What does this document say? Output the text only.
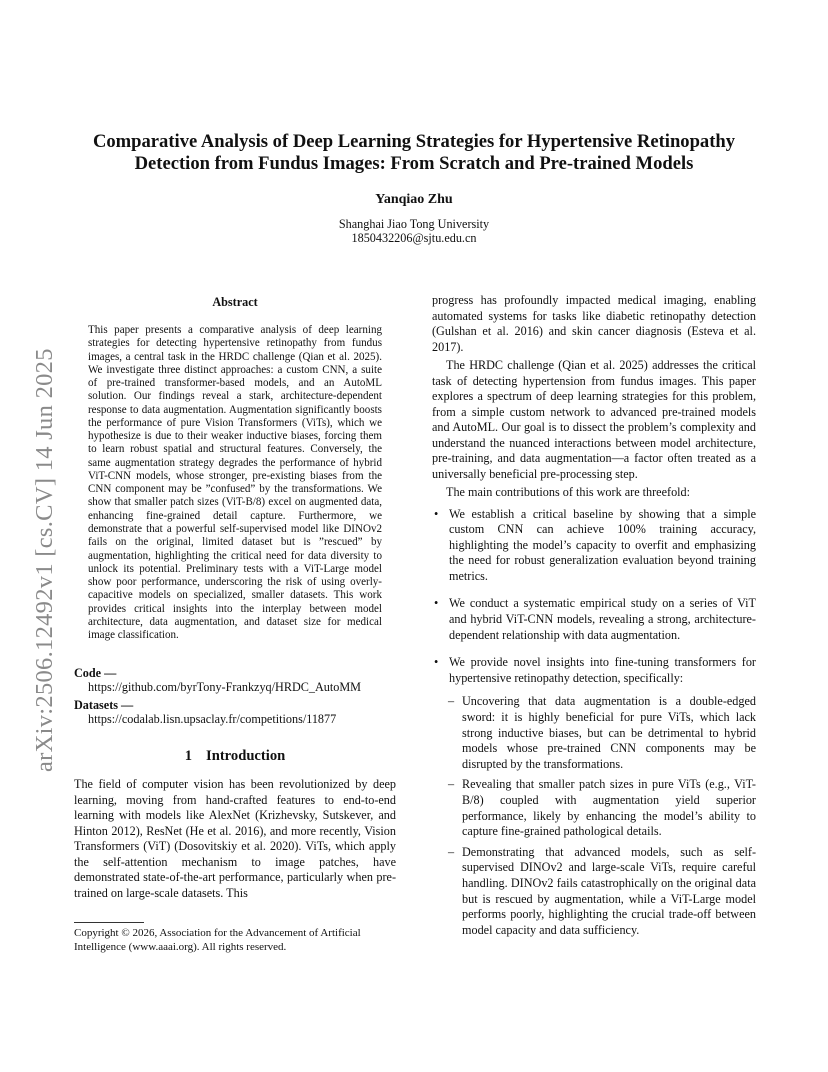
arXiv:2506.12492v1 [cs.CV] 14 Jun 2025
Comparative Analysis of Deep Learning Strategies for Hypertensive Retinopathy
Detection from Fundus Images: From Scratch and Pre-trained Models
Yanqiao Zhu
Shanghai Jiao Tong University
1850432206@sjtu.edu.cn
Abstract

This paper presents a comparative analysis of deep learning strategies for detecting hypertensive retinopathy from fundus images, a central task in the HRDC challenge (Qian et al. 2025). We investigate three distinct approaches: a custom CNN, a suite of pre-trained transformer-based models, and an AutoML solution. Our findings reveal a stark, architecture-dependent response to data augmentation. Augmentation significantly boosts the performance of pure Vision Transformers (ViTs), which we hypothesize is due to their weaker inductive biases, forcing them to learn robust spatial and structural features. Conversely, the same augmentation strategy degrades the performance of hybrid ViT-CNN models, whose stronger, pre-existing biases from the CNN component may be ”confused” by the transformations. We show that smaller patch sizes (ViT-B/8) excel on augmented data, enhancing fine-grained detail capture. Furthermore, we demonstrate that a powerful self-supervised model like DINOv2 fails on the original, limited dataset but is ”rescued” by augmentation, highlighting the critical need for data diversity to unlock its potential. Preliminary tests with a ViT-Large model show poor performance, underscoring the risk of using overly-capacitive models on specialized, smaller datasets. This work provides critical insights into the interplay between model architecture, data augmentation, and dataset size for medical image classification.

Code —
https://github.com/byrTony-Frankzyq/HRDC_AutoMM
Datasets —
https://codalab.lisn.upsaclay.fr/competitions/11877
1 Introduction

The field of computer vision has been revolutionized by deep learning, moving from hand-crafted features to end-to-end learning with models like AlexNet (Krizhevsky, Sutskever, and Hinton 2012), ResNet (He et al. 2016), and more recently, Vision Transformers (ViT) (Dosovitskiy et al. 2020). ViTs, which apply the self-attention mechanism to image patches, have demonstrated state-of-the-art performance, particularly when pre-trained on large-scale datasets. This

Copyright © 2026, Association for the Advancement of Artificial Intelligence (www.aaai.org). All rights reserved.

progress has profoundly impacted medical imaging, enabling automated systems for tasks like diabetic retinopathy detection (Gulshan et al. 2016) and skin cancer diagnosis (Esteva et al. 2017).

The HRDC challenge (Qian et al. 2025) addresses the critical task of detecting hypertension from fundus images. This paper explores a spectrum of deep learning strategies for this problem, from a simple custom network to advanced pre-trained models and AutoML. Our goal is to dissect the problem’s complexity and understand the nuanced interactions between model architecture, pre-training, and data augmentation—a factor often treated as a universally beneficial pre-processing step.

The main contributions of this work are threefold:

• We establish a critical baseline by showing that a simple custom CNN can achieve 100% training accuracy, highlighting the model’s capacity to overfit and emphasizing the need for robust generalization evaluation beyond training metrics.
• We conduct a systematic empirical study on a series of ViT and hybrid ViT-CNN models, revealing a strong, architecture-dependent relationship with data augmentation.
• We provide novel insights into fine-tuning transformers for hypertensive retinopathy detection, specifically:
– Uncovering that data augmentation is a double-edged sword: it is highly beneficial for pure ViTs, which lack strong inductive biases, but can be detrimental to hybrid models whose pre-trained CNN components may be disrupted by the transformations.
– Revealing that smaller patch sizes in pure ViTs (e.g., ViT-B/8) coupled with augmentation yield superior performance, likely by enhancing the model’s ability to capture fine-grained pathological details.
– Demonstrating that advanced models, such as self-supervised DINOv2 and large-scale ViTs, require careful handling. DINOv2 fails catastrophically on the original data but is rescued by augmentation, while a ViT-Large model performs poorly, highlighting the crucial trade-off between model capacity and data sufficiency.
